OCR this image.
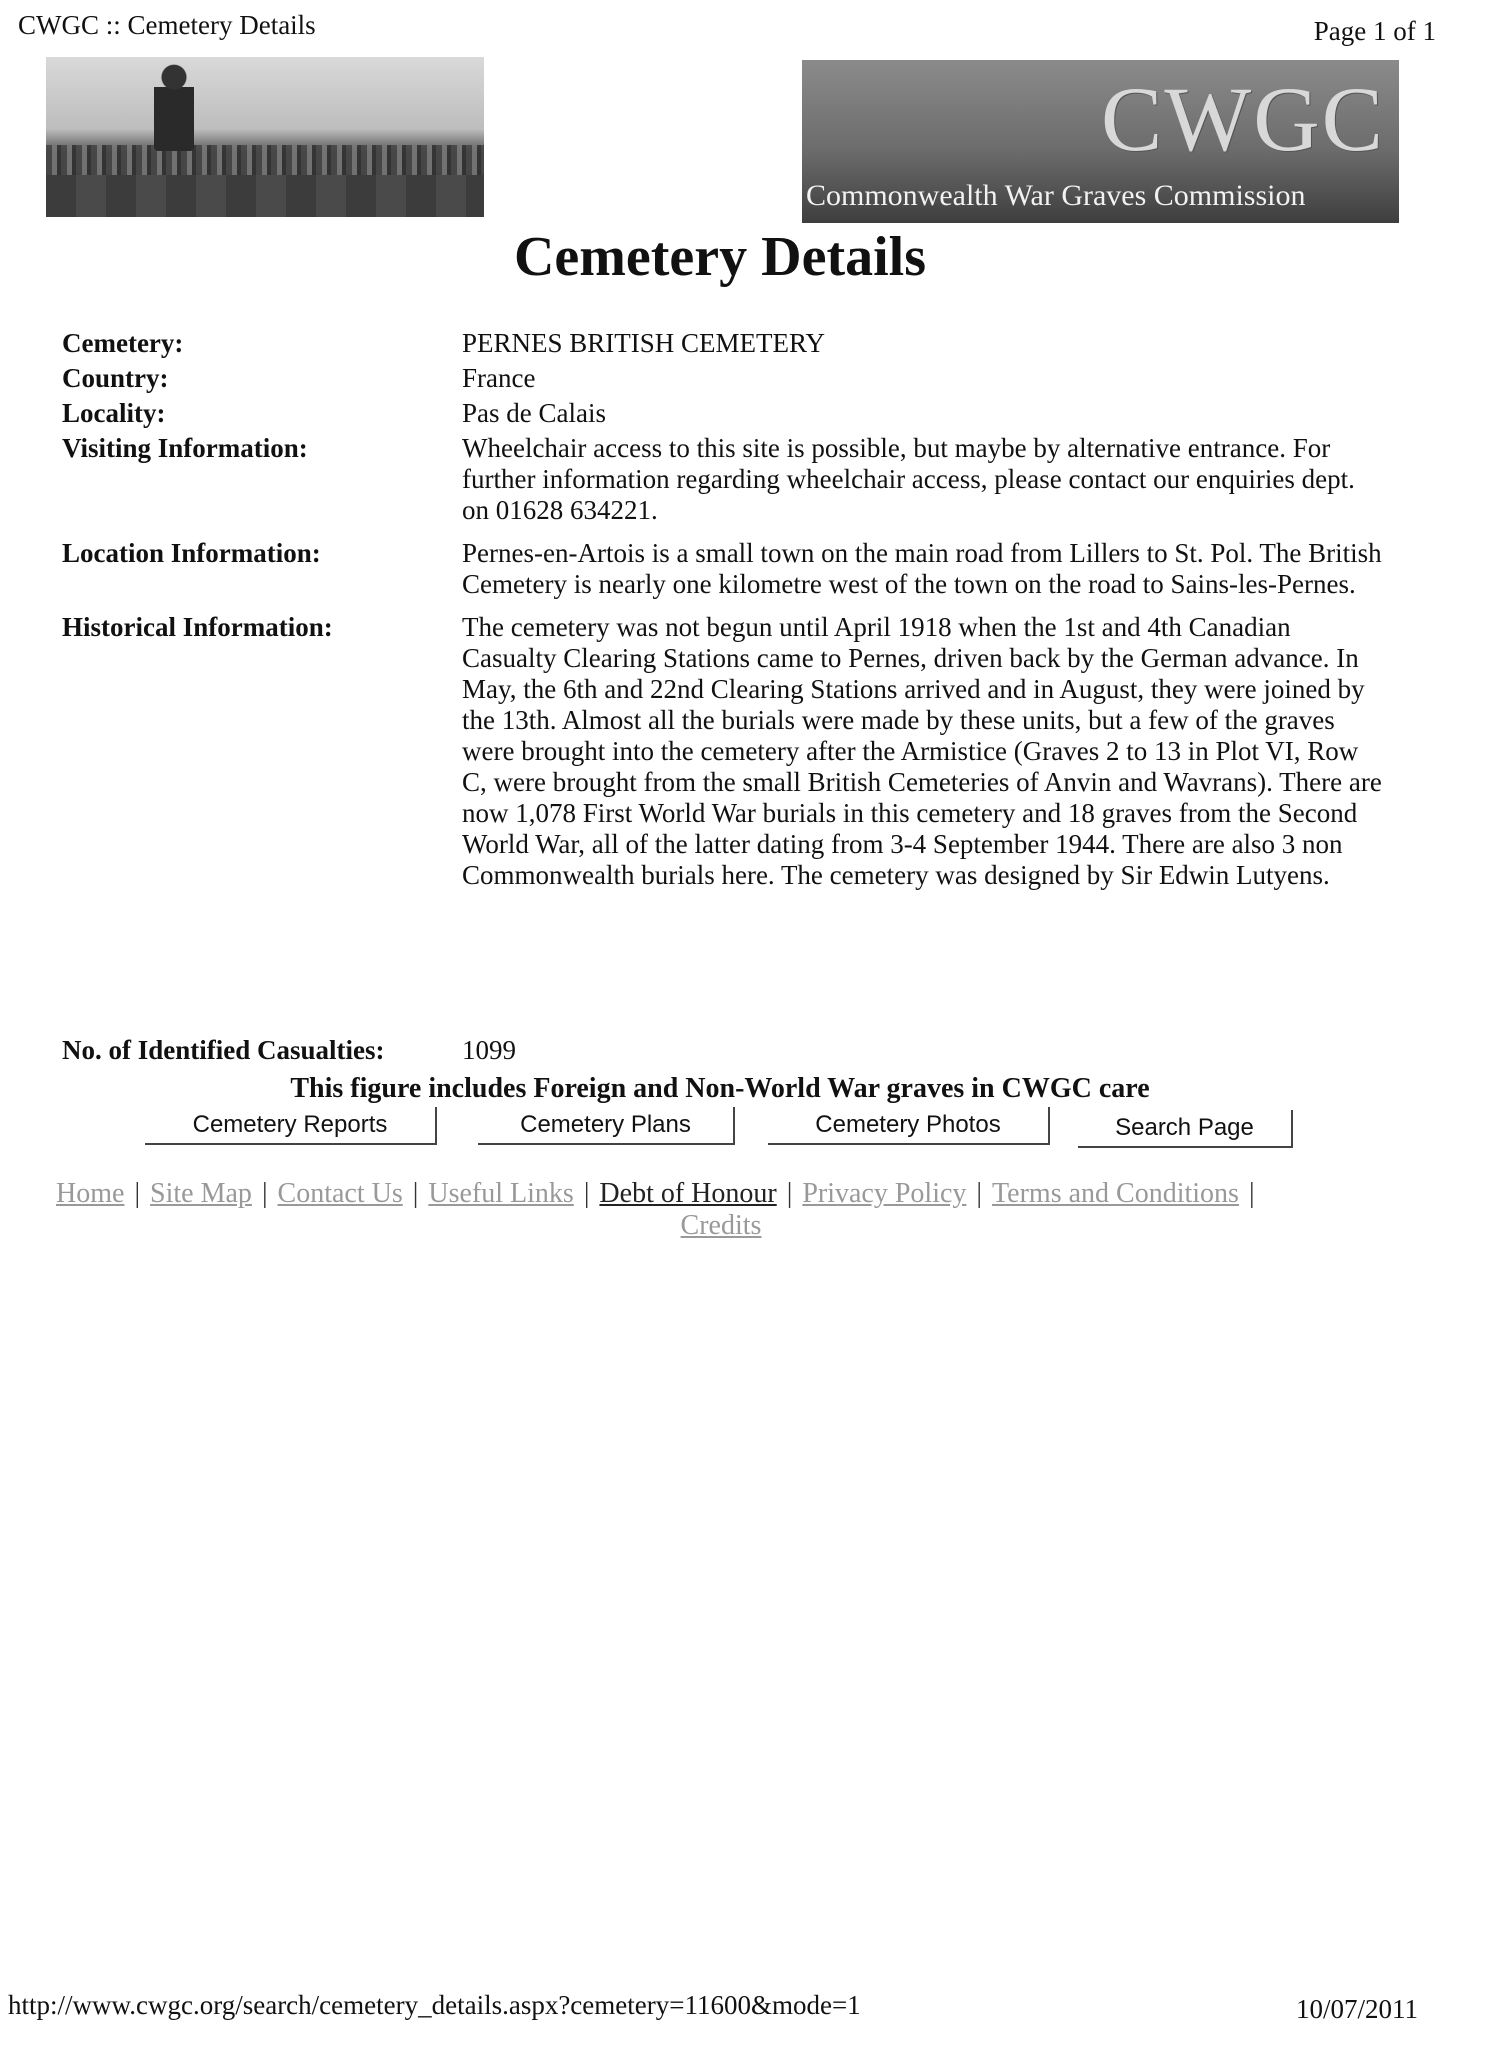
CWGC :: Cemetery Details	Page 1 of 1
CWGC
Commonwealth War Graves Commission
Cemetery Details
Cemetery:	PERNES BRITISH CEMETERY
Country:	France
Locality:	Pas de Calais
Visiting Information:	Wheelchair access to this site is possible, but maybe by alternative entrance. For further information regarding wheelchair access, please contact our enquiries dept. on 01628 634221.
Location Information:	Pernes-en-Artois is a small town on the main road from Lillers to St. Pol. The British Cemetery is nearly one kilometre west of the town on the road to Sains-les-Pernes.
Historical Information:	The cemetery was not begun until April 1918 when the 1st and 4th Canadian Casualty Clearing Stations came to Pernes, driven back by the German advance. In May, the 6th and 22nd Clearing Stations arrived and in August, they were joined by the 13th. Almost all the burials were made by these units, but a few of the graves were brought into the cemetery after the Armistice (Graves 2 to 13 in Plot VI, Row C, were brought from the small British Cemeteries of Anvin and Wavrans). There are now 1,078 First World War burials in this cemetery and 18 graves from the Second World War, all of the latter dating from 3-4 September 1944. There are also 3 non Commonwealth burials here. The cemetery was designed by Sir Edwin Lutyens.
No. of Identified Casualties:	1099
This figure includes Foreign and Non-World War graves in CWGC care
Cemetery Reports	Cemetery Plans	Cemetery Photos	Search Page
Home | Site Map | Contact Us | Useful Links | Debt of Honour | Privacy Policy | Terms and Conditions |
Credits
http://www.cwgc.org/search/cemetery_details.aspx?cemetery=11600&mode=1	10/07/2011
